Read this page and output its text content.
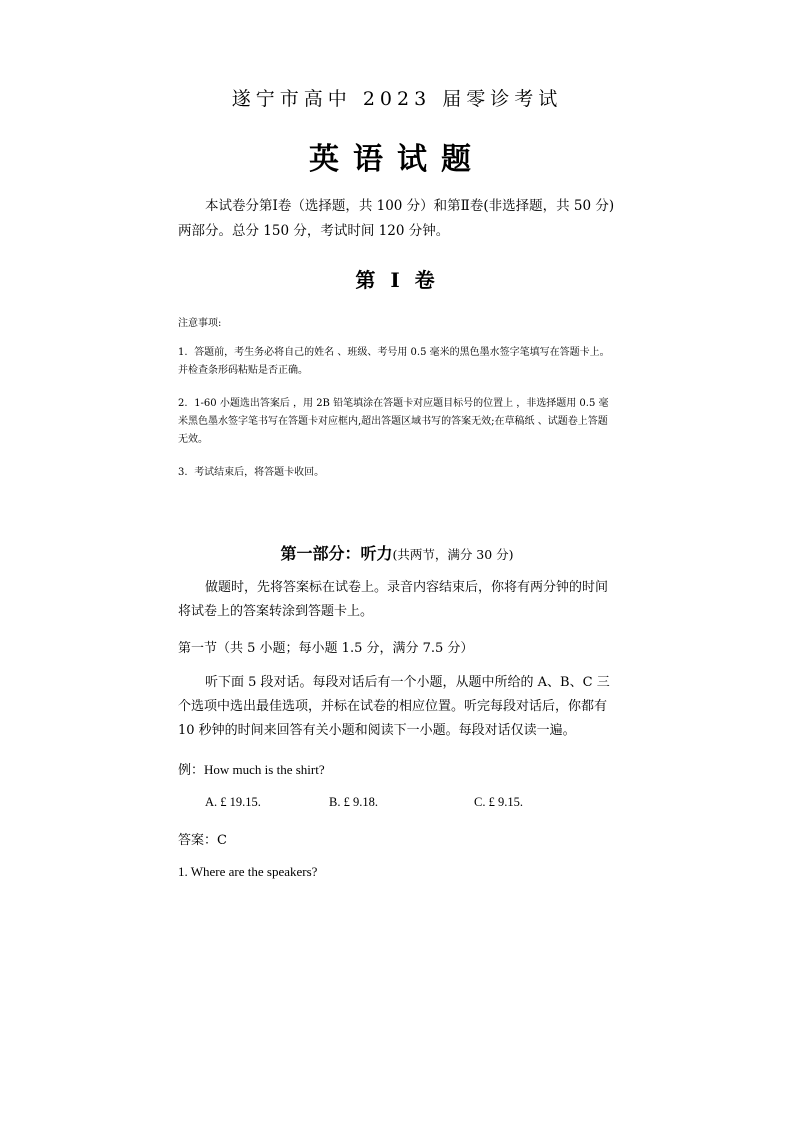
遂宁市高中 2023 届零诊考试
英语试题
本试卷分第Ⅰ卷（选择题，共 100 分）和第Ⅱ卷(非选择题，共 50 分)两部分。总分 150 分，考试时间 120 分钟。
第 Ⅰ 卷
注意事项:
1. 答题前，考生务必将自己的姓名 、班级、考号用 0.5 毫米的黑色墨水签字笔填写在答题卡上。并检查条形码粘贴是否正确。
2. 1-60 小题选出答案后 ，用 2B 铅笔填涂在答题卡对应题目标号的位置上 ，非选择题用 0.5 毫米黑色墨水签字笔书写在答题卡对应框内,超出答题区域书写的答案无效;在草稿纸 、试题卷上答题无效。
3. 考试结束后，将答题卡收回。
第一部分：听力(共两节，满分 30 分)
做题时，先将答案标在试卷上。录音内容结束后，你将有两分钟的时间将试卷上的答案转涂到答题卡上。
第一节（共 5 小题；每小题 1.5 分，满分 7.5 分）
听下面 5 段对话。每段对话后有一个小题，从题中所给的 A、B、C 三个选项中选出最佳选项，并标在试卷的相应位置。听完每段对话后，你都有 10 秒钟的时间来回答有关小题和阅读下一小题。每段对话仅读一遍。
例：How much is the shirt?
A. £ 19.15.	B. £ 9.18.	C. £ 9.15.
答案：C
1. Where are the speakers?
